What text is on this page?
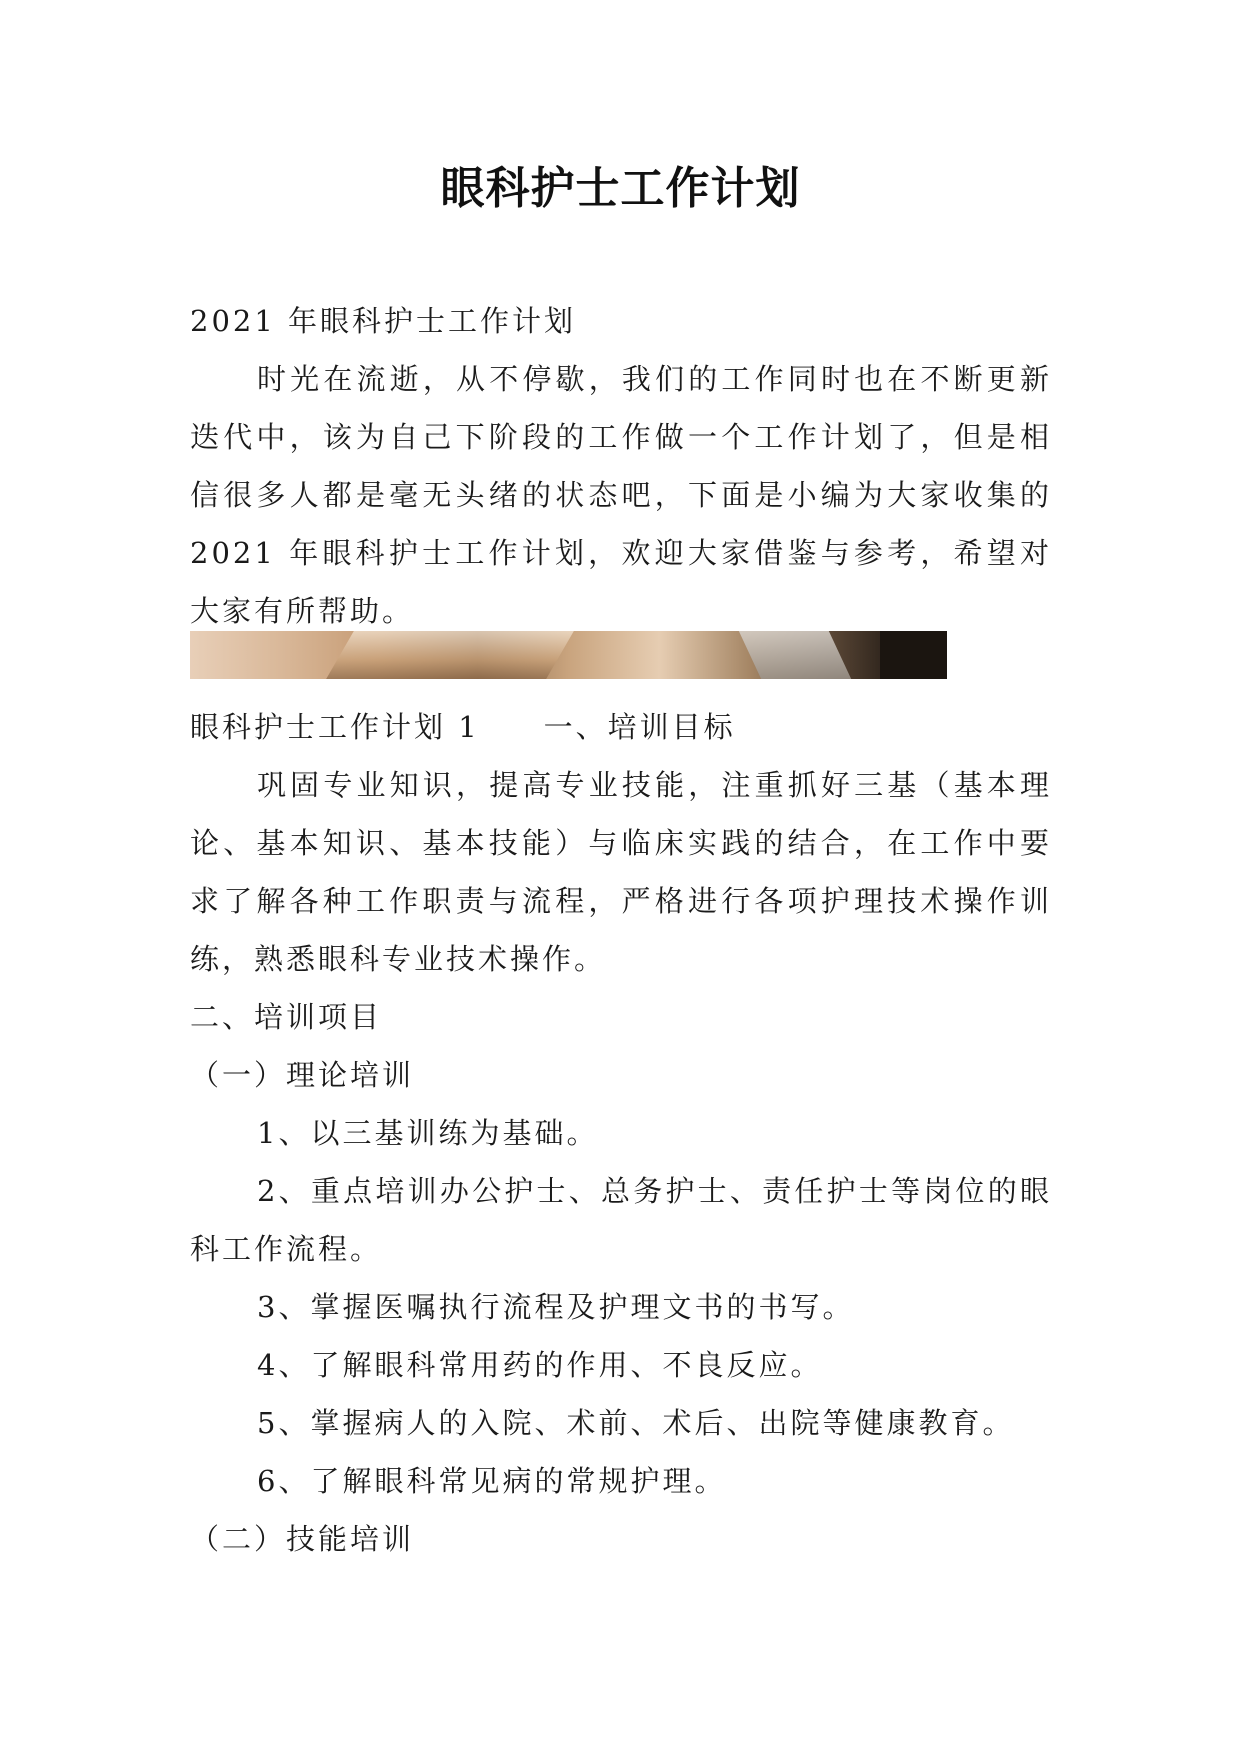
眼科护士工作计划

2021 年眼科护士工作计划

时光在流逝，从不停歇，我们的工作同时也在不断更新迭代中，该为自己下阶段的工作做一个工作计划了，但是相信很多人都是毫无头绪的状态吧，下面是小编为大家收集的 2021 年眼科护士工作计划，欢迎大家借鉴与参考，希望对大家有所帮助。

眼科护士工作计划 1　　一、培训目标

巩固专业知识，提高专业技能，注重抓好三基（基本理论、基本知识、基本技能）与临床实践的结合，在工作中要求了解各种工作职责与流程，严格进行各项护理技术操作训练，熟悉眼科专业技术操作。

二、培训项目

（一）理论培训

1、以三基训练为基础。

2、重点培训办公护士、总务护士、责任护士等岗位的眼科工作流程。

3、掌握医嘱执行流程及护理文书的书写。

4、了解眼科常用药的作用、不良反应。

5、掌握病人的入院、术前、术后、出院等健康教育。

6、了解眼科常见病的常规护理。

（二）技能培训
